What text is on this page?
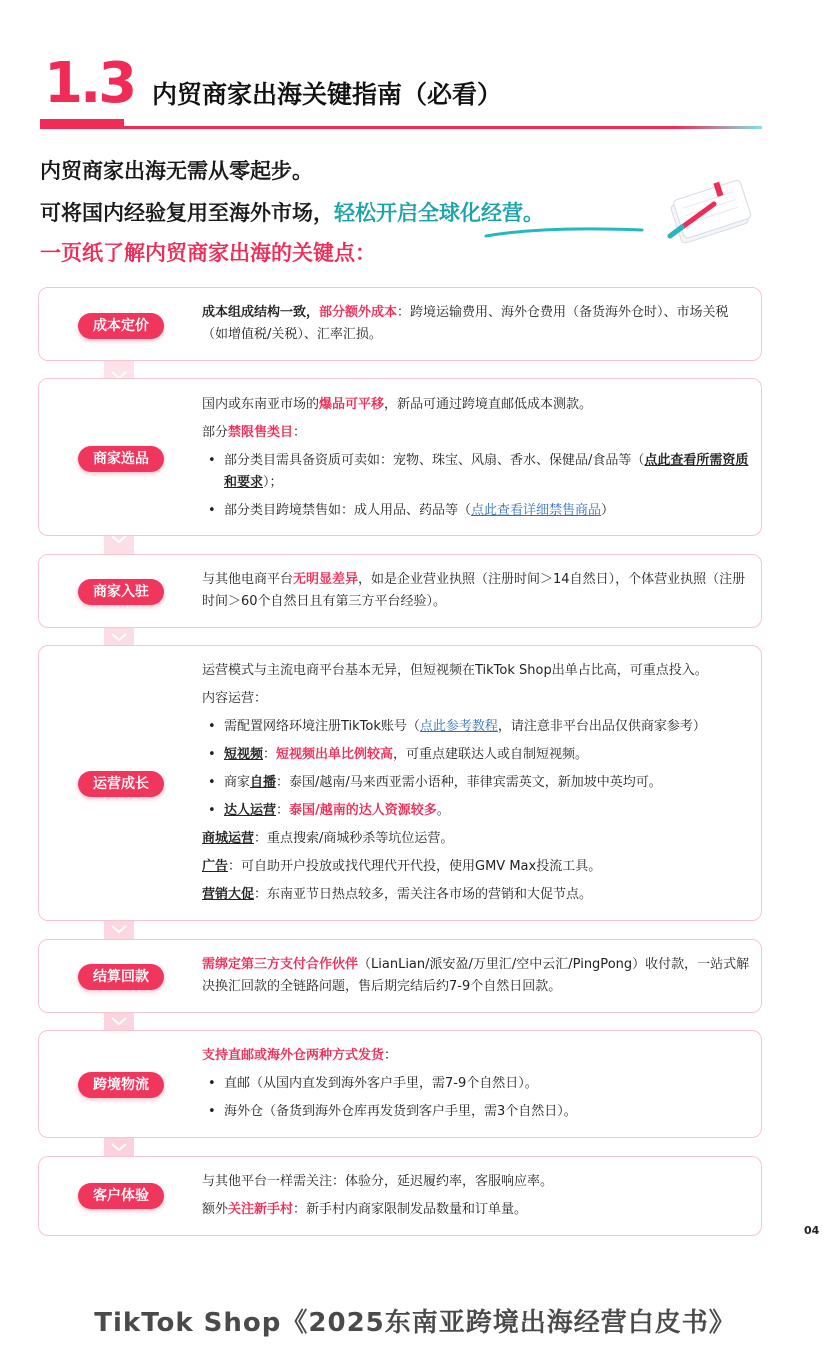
1.3 内贸商家出海关键指南（必看）
内贸商家出海无需从零起步。
可将国内经验复用至海外市场，轻松开启全球化经营。
一页纸了解内贸商家出海的关键点：
成本定价

成本组成结构一致，部分额外成本：跨境运输费用、海外仓费用（备货海外仓时）、市场关税（如增值税/关税）、汇率汇损。

商家选品

国内或东南亚市场的爆品可平移，新品可通过跨境直邮低成本测款。

部分禁限售类目：

• 部分类目需具备资质可卖如：宠物、珠宝、风扇、香水、保健品/食品等（点此查看所需资质和要求）；

• 部分类目跨境禁售如：成人用品、药品等（点此查看详细禁售商品）

商家入驻

与其他电商平台无明显差异，如是企业营业执照（注册时间＞14自然日），个体营业执照（注册时间＞60个自然日且有第三方平台经验）。

运营成长

运营模式与主流电商平台基本无异，但短视频在TikTok Shop出单占比高，可重点投入。

内容运营：

• 需配置网络环境注册TikTok账号（点此参考教程，请注意非平台出品仅供商家参考）

• 短视频：短视频出单比例较高，可重点建联达人或自制短视频。

• 商家自播：泰国/越南/马来西亚需小语种，菲律宾需英文，新加坡中英均可。

• 达人运营：泰国/越南的达人资源较多。

商城运营：重点搜索/商城秒杀等坑位运营。

广告：可自助开户投放或找代理代开代投，使用GMV Max投流工具。

营销大促：东南亚节日热点较多，需关注各市场的营销和大促节点。

结算回款

需绑定第三方支付合作伙伴（LianLian/派安盈/万里汇/空中云汇/PingPong）收付款，一站式解决换汇回款的全链路问题，售后期完结后约7-9个自然日回款。

跨境物流

支持直邮或海外仓两种方式发货：

• 直邮（从国内直发到海外客户手里，需7-9个自然日）。

• 海外仓（备货到海外仓库再发货到客户手里，需3个自然日）。

客户体验

与其他平台一样需关注：体验分，延迟履约率，客服响应率。

额外关注新手村：新手村内商家限制发品数量和订单量。

04
TikTok Shop《2025东南亚跨境出海经营白皮书》
